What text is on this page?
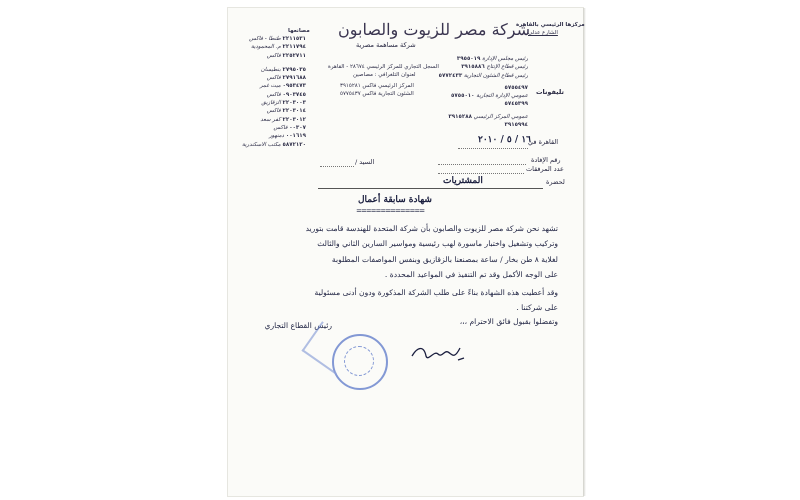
شركة مصر للزيوت والصابون
شركة مساهمة مصرية
مصانعها
٢٢١١٥٣١ طنطا - فاكس
٢٢١١٧٩٤ م. المحمودية
٢٢٥٢٧١١ فاكس
٢٧٩٥٠٣٥ بنطيسان
٢٧٩١٦٨٨ فاكس
٠٩٥٣٤٧٣ ميت غمر
٠٩٠٣٧٤٥ فاكس
٢٢٠٣٠٠٣ الزقازيق
٢٢٠٣٠١٤ فاكس
٢٢٠٣٠١٢ كفر سعد
٠٠٣٠٧ فاكس
٠٠١٦١٩ دمنهور
٥٨٧٢١٢٠ مكتب الاسكندرية
السجل التجاري للمركز الرئيسي ٢٨٦٧٤ - القاهرة
لعنوان التلغرافي : مصاصين
المركز الرئيسي فاكس ٣٩١٥٢٨١
الشئون التجارية فاكس ٥٧٧٥٤٣٧
مركزها الرئيسي بالقاهرة
الشارع عدلي
تليفونات
رئيس مجلس الإدارة ٣٩٥٥٠١٩
رئيس قطاع الإنتاج ٣٩١٥٨٨٦
رئيس قطاع الشئون التجارية ٥٧٧٢٤٣٣
٥٧٥٥٤٩٧
عمومي الإدارة التجارية ٥٧٥٥٠١٠
٥٧٤٥٣٩٩
عمومي المركز الرئيسي ٣٩١٥٢٨٨
٣٩١٥٩٩٤
القاهرة في
١٦ / ٥ / ٢٠١٠
رقم الإفادة
عدد المرفقات
لحضرة
المشتريات
السيد /
شهادة سابقة أعمال
==============
تشهد نحن شركة مصر للزيوت والصابون بأن شركة المتحدة للهندسة قامت بتوريد
وتركيب وتشغيل واختبار ماسورة لهب رئيسية ومواسير السارين الثاني والثالث
لغلاية ٨ طن بخار / ساعة بمصنعنا بالزقازيق وبنفس المواصفات المطلوبة
على الوجه الأكمل وقد تم التنفيذ في المواعيد المحددة .
وقد أعطيت هذه الشهادة بناءً على طلب الشركة المذكورة ودون أدنى مسئولية
على شركتنا .
وتفضلوا بقبول فائق الاحترام ،،،
رئيس القطاع التجاري
